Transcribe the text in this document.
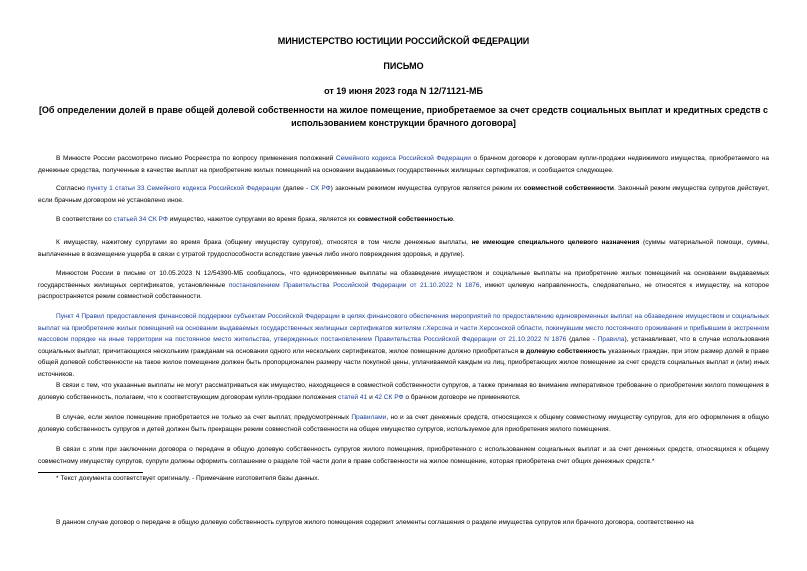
МИНИСТЕРСТВО ЮСТИЦИИ РОССИЙСКОЙ ФЕДЕРАЦИИ
ПИСЬМО
от 19 июня 2023 года N 12/71121-МБ
[Об определении долей в праве общей долевой собственности на жилое помещение, приобретаемое за счет средств социальных выплат и кредитных средств с использованием конструкции брачного договора]
В Минюсте России рассмотрено письмо Росреестра по вопросу применения положений Семейного кодекса Российской Федерации о брачном договоре к договорам купли-продажи недвижимого имущества, приобретаемого на денежные средства, полученные в качестве выплат на приобретение жилых помещений на основании выдаваемых государственных жилищных сертификатов, и сообщается следующее.
Согласно пункту 1 статьи 33 Семейного кодекса Российской Федерации (далее - СК РФ) законным режимом имущества супругов является режим их совместной собственности. Законный режим имущества супругов действует, если брачным договором не установлено иное.
В соответствии со статьей 34 СК РФ имущество, нажитое супругами во время брака, является их совместной собственностью.
К имуществу, нажитому супругами во время брака (общему имуществу супругов), относятся в том числе денежные выплаты, не имеющие специального целевого назначения (суммы материальной помощи, суммы, выплаченные в возмещение ущерба в связи с утратой трудоспособности вследствие увечья либо иного повреждения здоровья, и другие).
Минюстом России в письме от 10.05.2023 N 12/54390-МБ сообщалось, что единовременные выплаты на обзаведение имуществом и социальные выплаты на приобретение жилых помещений на основании выдаваемых государственных жилищных сертификатов, установленные постановлением Правительства Российской Федерации от 21.10.2022 N 1876, имеют целевую направленность, следовательно, не относятся к имуществу, на которое распространяется режим совместной собственности.
Пункт 4 Правил предоставления финансовой поддержки субъектам Российской Федерации в целях финансового обеспечения мероприятий по предоставлению единовременных выплат на обзаведение имуществом и социальных выплат на приобретение жилых помещений на основании выдаваемых государственных жилищных сертификатов жителям г.Херсона и части Херсонской области, покинувшим место постоянного проживания и прибывшим в экстренном массовом порядке на иные территории на постоянное место жительства, утвержденных постановлением Правительства Российской Федерации от 21.10.2022 N 1876 (далее - Правила), устанавливает, что в случае использования социальных выплат, причитающихся нескольким гражданам на основании одного или нескольких сертификатов, жилое помещение должно приобретаться в долевую собственность указанных граждан, при этом размер долей в праве общей долевой собственности на такое жилое помещение должен быть пропорционален размеру части покупной цены, уплачиваемой каждым из лиц, приобретающих жилое помещение за счет средств социальных выплат и (или) иных источников.
В связи с тем, что указанные выплаты не могут рассматриваться как имущество, находящееся в совместной собственности супругов, а также принимая во внимание императивное требование о приобретении жилого помещения в долевую собственность, полагаем, что к соответствующим договорам купли-продажи положения статей 41 и 42 СК РФ о брачном договоре не применяются.
В случае, если жилое помещение приобретается не только за счет выплат, предусмотренных Правилами, но и за счет денежных средств, относящихся к общему совместному имуществу супругов, для его оформления в общую долевую собственность супругов и детей должен быть прекращен режим совместной собственности на общее имущество супругов, используемое для приобретения жилого помещения.
В связи с этим при заключении договора о передаче в общую долевую собственность супругов жилого помещения, приобретенного с использованием социальных выплат и за счет денежных средств, относящихся к общему совместному имуществу супругов, супруги должны оформить соглашение о разделе той части доли в праве собственности на жилое помещение, которая приобретена счет общих денежных средств.*
* Текст документа соответствует оригиналу. - Примечание изготовителя базы данных.
В данном случае договор о передаче в общую долевую собственность супругов жилого помещения содержит элементы соглашения о разделе имущества супругов или брачного договора, соответственно на
